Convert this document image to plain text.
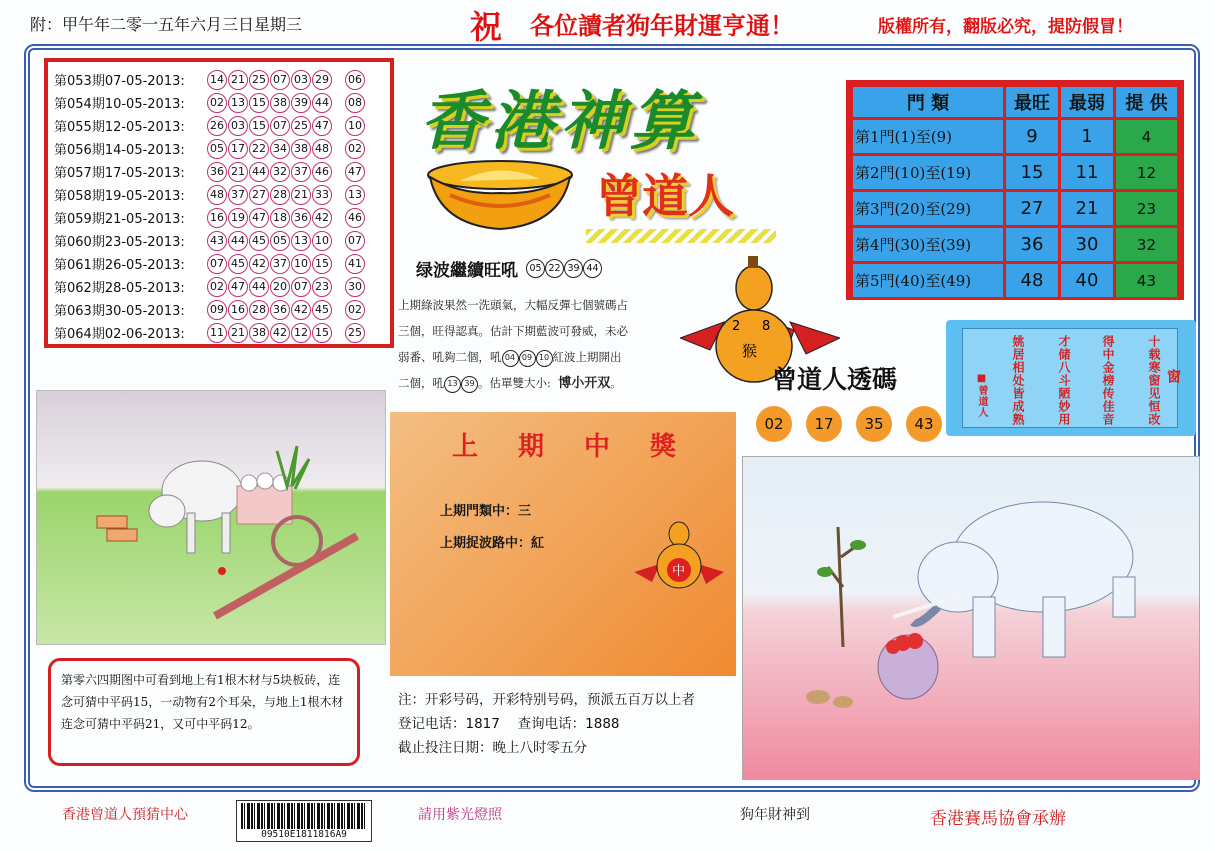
附：甲午年二零一五年六月三日星期三	祝 各位讀者狗年財運亨通！	版權所有，翻版必究，提防假冒！
第053期07-05-2013:	14 21 25 07 03 29 06
第054期10-05-2013:	02 13 15 38 39 44 08
第055期12-05-2013:	26 03 15 07 25 47 10
第056期14-05-2013:	05 17 22 34 38 48 02
第057期17-05-2013:	36 21 44 32 37 46 47
第058期19-05-2013:	48 37 27 28 21 33 13
第059期21-05-2013:	16 19 47 18 36 42 46
第060期23-05-2013:	43 44 45 05 13 10 07
第061期26-05-2013:	07 45 42 37 10 15 41
第062期28-05-2013:	02 47 44 20 07 23 30
第063期30-05-2013:	09 16 28 36 42 45 02
第064期02-06-2013:	11 21 38 42 12 15 25
香港神算
曾道人
绿波繼續旺吼	05 22 39 44
上期綠波果然一洗頭氣，大幅反彈七個號碼占
三個，旺得認真。估計下期藍波可發威，未必
弱番、吼夠二個，吼 04 09 10 紅波上期開出
二個，吼 13 39 。估單雙大小: 博小开双。
2 8
猴
曾道人透碼
門 類	最旺	最弱	提 供
第1門(1)至(9)	9	1	4
第2門(10)至(19)	15	11	12
第3門(20)至(29)	27	21	23
第4門(30)至(39)	36	30	32
第5門(40)至(49)	48	40	43
十载寒窗见恒改
得中金榜传佳音
才储八斗陋妙用
姚居相处皆成熟	窗
■曾道人
第零六四期图中可看到地上有1根木材与5块板砖，连念可猜中平码15，一动物有2个耳朵，与地上1根木材连念可猜中平码21，又可中平码12。
上期中獎
上期門類中：三
上期捉波路中：紅
中
注：开彩号码，开彩特别号码，预派五百万以上者
登记电话：1817　 查询电话：1888
截止投注日期：晚上八时零五分
香港曾道人預猜中心
09510E1811816A9
請用紫光燈照	狗年財神到	香港賽馬協會承辦
02	17	35	43
